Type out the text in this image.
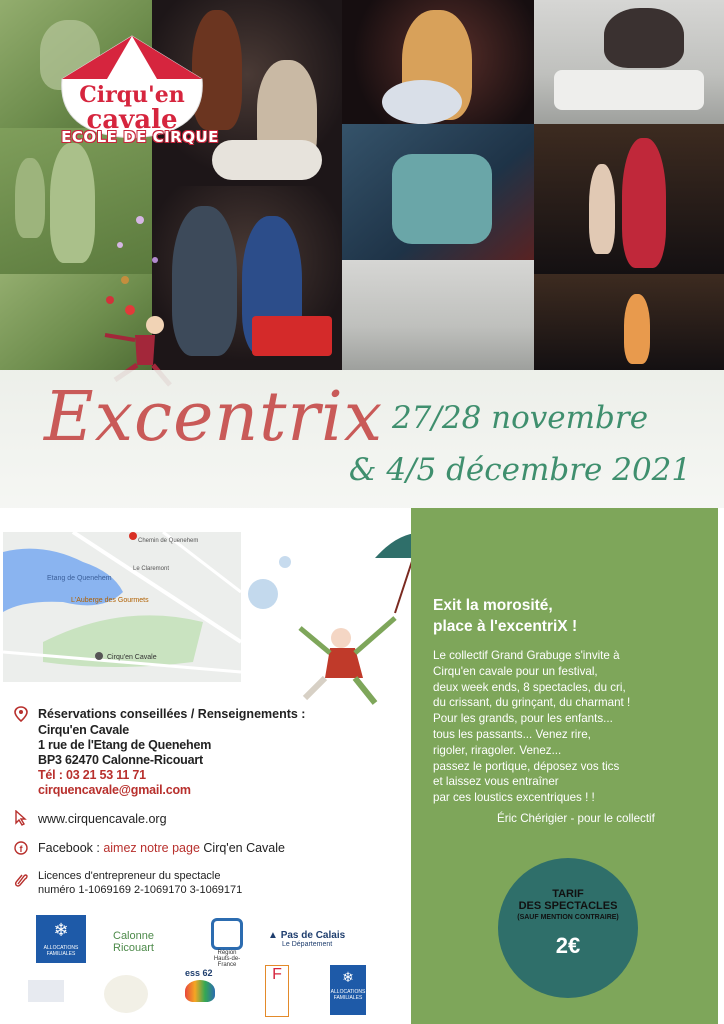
Cirqu'en
cavale
ECOLE DE CIRQUE
Excentrix 27/28 novembre
& 4/5 décembre 2021
Chemin de Quenehem
Etang de Quenehem
Le Claremont
L'Auberge des Gourmets
Cirqu'en Cavale
Réservations conseillées / Renseignements :
Cirqu'en Cavale
1 rue de l'Etang de Quenehem
BP3 62470 Calonne-Ricouart
Tél : 03 21 53 11 71
cirquencavale@gmail.com
www.cirquencavale.org
f Facebook : aimez notre page Cirq'en Cavale
Licences d'entrepreneur du spectacle
numéro 1-1069169 2-1069170 3-1069171
❄
ALLOCATIONS FAMILIALES
Calonne Ricouart	Région
Hauts-de-France
▲ Pas de Calais
Le Département
ess 62	F	❄
ALLOCATIONS FAMILIALES
Exit la morosité,
place à l'excentriX !
Le collectif Grand Grabuge s'invite à
Cirqu'en cavale pour un festival,
deux week ends, 8 spectacles, du cri,
du crissant, du grinçant, du charmant !
Pour les grands, pour les enfants...
tous les passants... Venez rire,
rigoler, riragoler. Venez...
passez le portique, déposez vos tics
et laissez vous entraîner
par ces loustics excentriques ! !
Éric Chérigier - pour le collectif
TARIF
DES SPECTACLES
(SAUF MENTION CONTRAIRE)
2€
